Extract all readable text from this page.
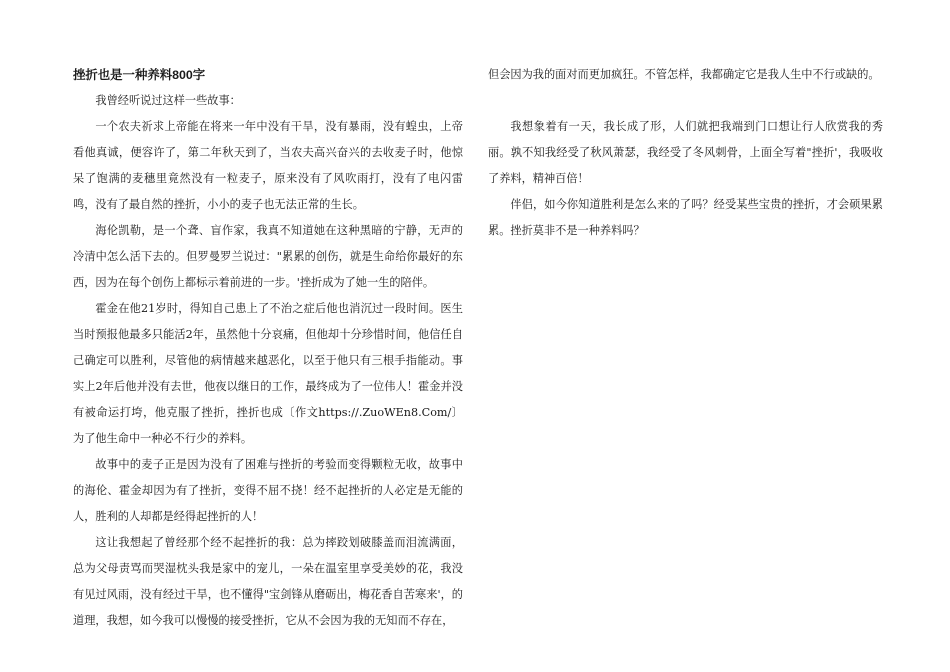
挫折也是一种养料800字

我曾经听说过这样一些故事：

一个农夫祈求上帝能在将来一年中没有干旱，没有暴雨，没有蝗虫，上帝看他真诚，便容许了，第二年秋天到了，当农夫高兴奋兴的去收麦子时，他惊呆了饱满的麦穗里竟然没有一粒麦子，原来没有了风吹雨打，没有了电闪雷鸣，没有了最自然的挫折，小小的麦子也无法正常的生长。

海伦凯勒，是一个聋、盲作家，我真不知道她在这种黑暗的宁静，无声的冷清中怎么活下去的。但罗曼罗兰说过："累累的创伤，就是生命给你最好的东西，因为在每个创伤上都标示着前进的一步。'挫折成为了她一生的陪伴。

霍金在他21岁时，得知自己患上了不治之症后他也消沉过一段时间。医生当时预报他最多只能活2年，虽然他十分哀痛，但他却十分珍惜时间，他信任自己确定可以胜利，尽管他的病情越来越恶化，以至于他只有三根手指能动。事实上2年后他并没有去世，他夜以继日的工作，最终成为了一位伟人！霍金并没有被命运打垮，他克服了挫折，挫折也成〔作文https://.ZuoWEn8.Com/〕为了他生命中一种必不行少的养料。

故事中的麦子正是因为没有了困难与挫折的考验而变得颗粒无收，故事中的海伦、霍金却因为有了挫折，变得不屈不挠！经不起挫折的人必定是无能的人，胜利的人却都是经得起挫折的人！

这让我想起了曾经那个经不起挫折的我：总为摔跤划破膝盖而泪流满面，总为父母责骂而哭湿枕头我是家中的宠儿，一朵在温室里享受美妙的花，我没有见过风雨，没有经过干旱，也不懂得"宝剑锋从磨砺出，梅花香自苦寒来'，的道理，我想，如今我可以慢慢的接受挫折，它从不会因为我的无知而不存在，

但会因为我的面对而更加疯狂。不管怎样，我都确定它是我人生中不行或缺的。

我想象着有一天，我长成了形，人们就把我端到门口想让行人欣赏我的秀丽。孰不知我经受了秋风萧瑟，我经受了冬风刺骨，上面全写着"挫折'，我吸收了养料，精神百倍！

伴侣，如今你知道胜利是怎么来的了吗？经受某些宝贵的挫折，才会硕果累累。挫折莫非不是一种养料吗？
